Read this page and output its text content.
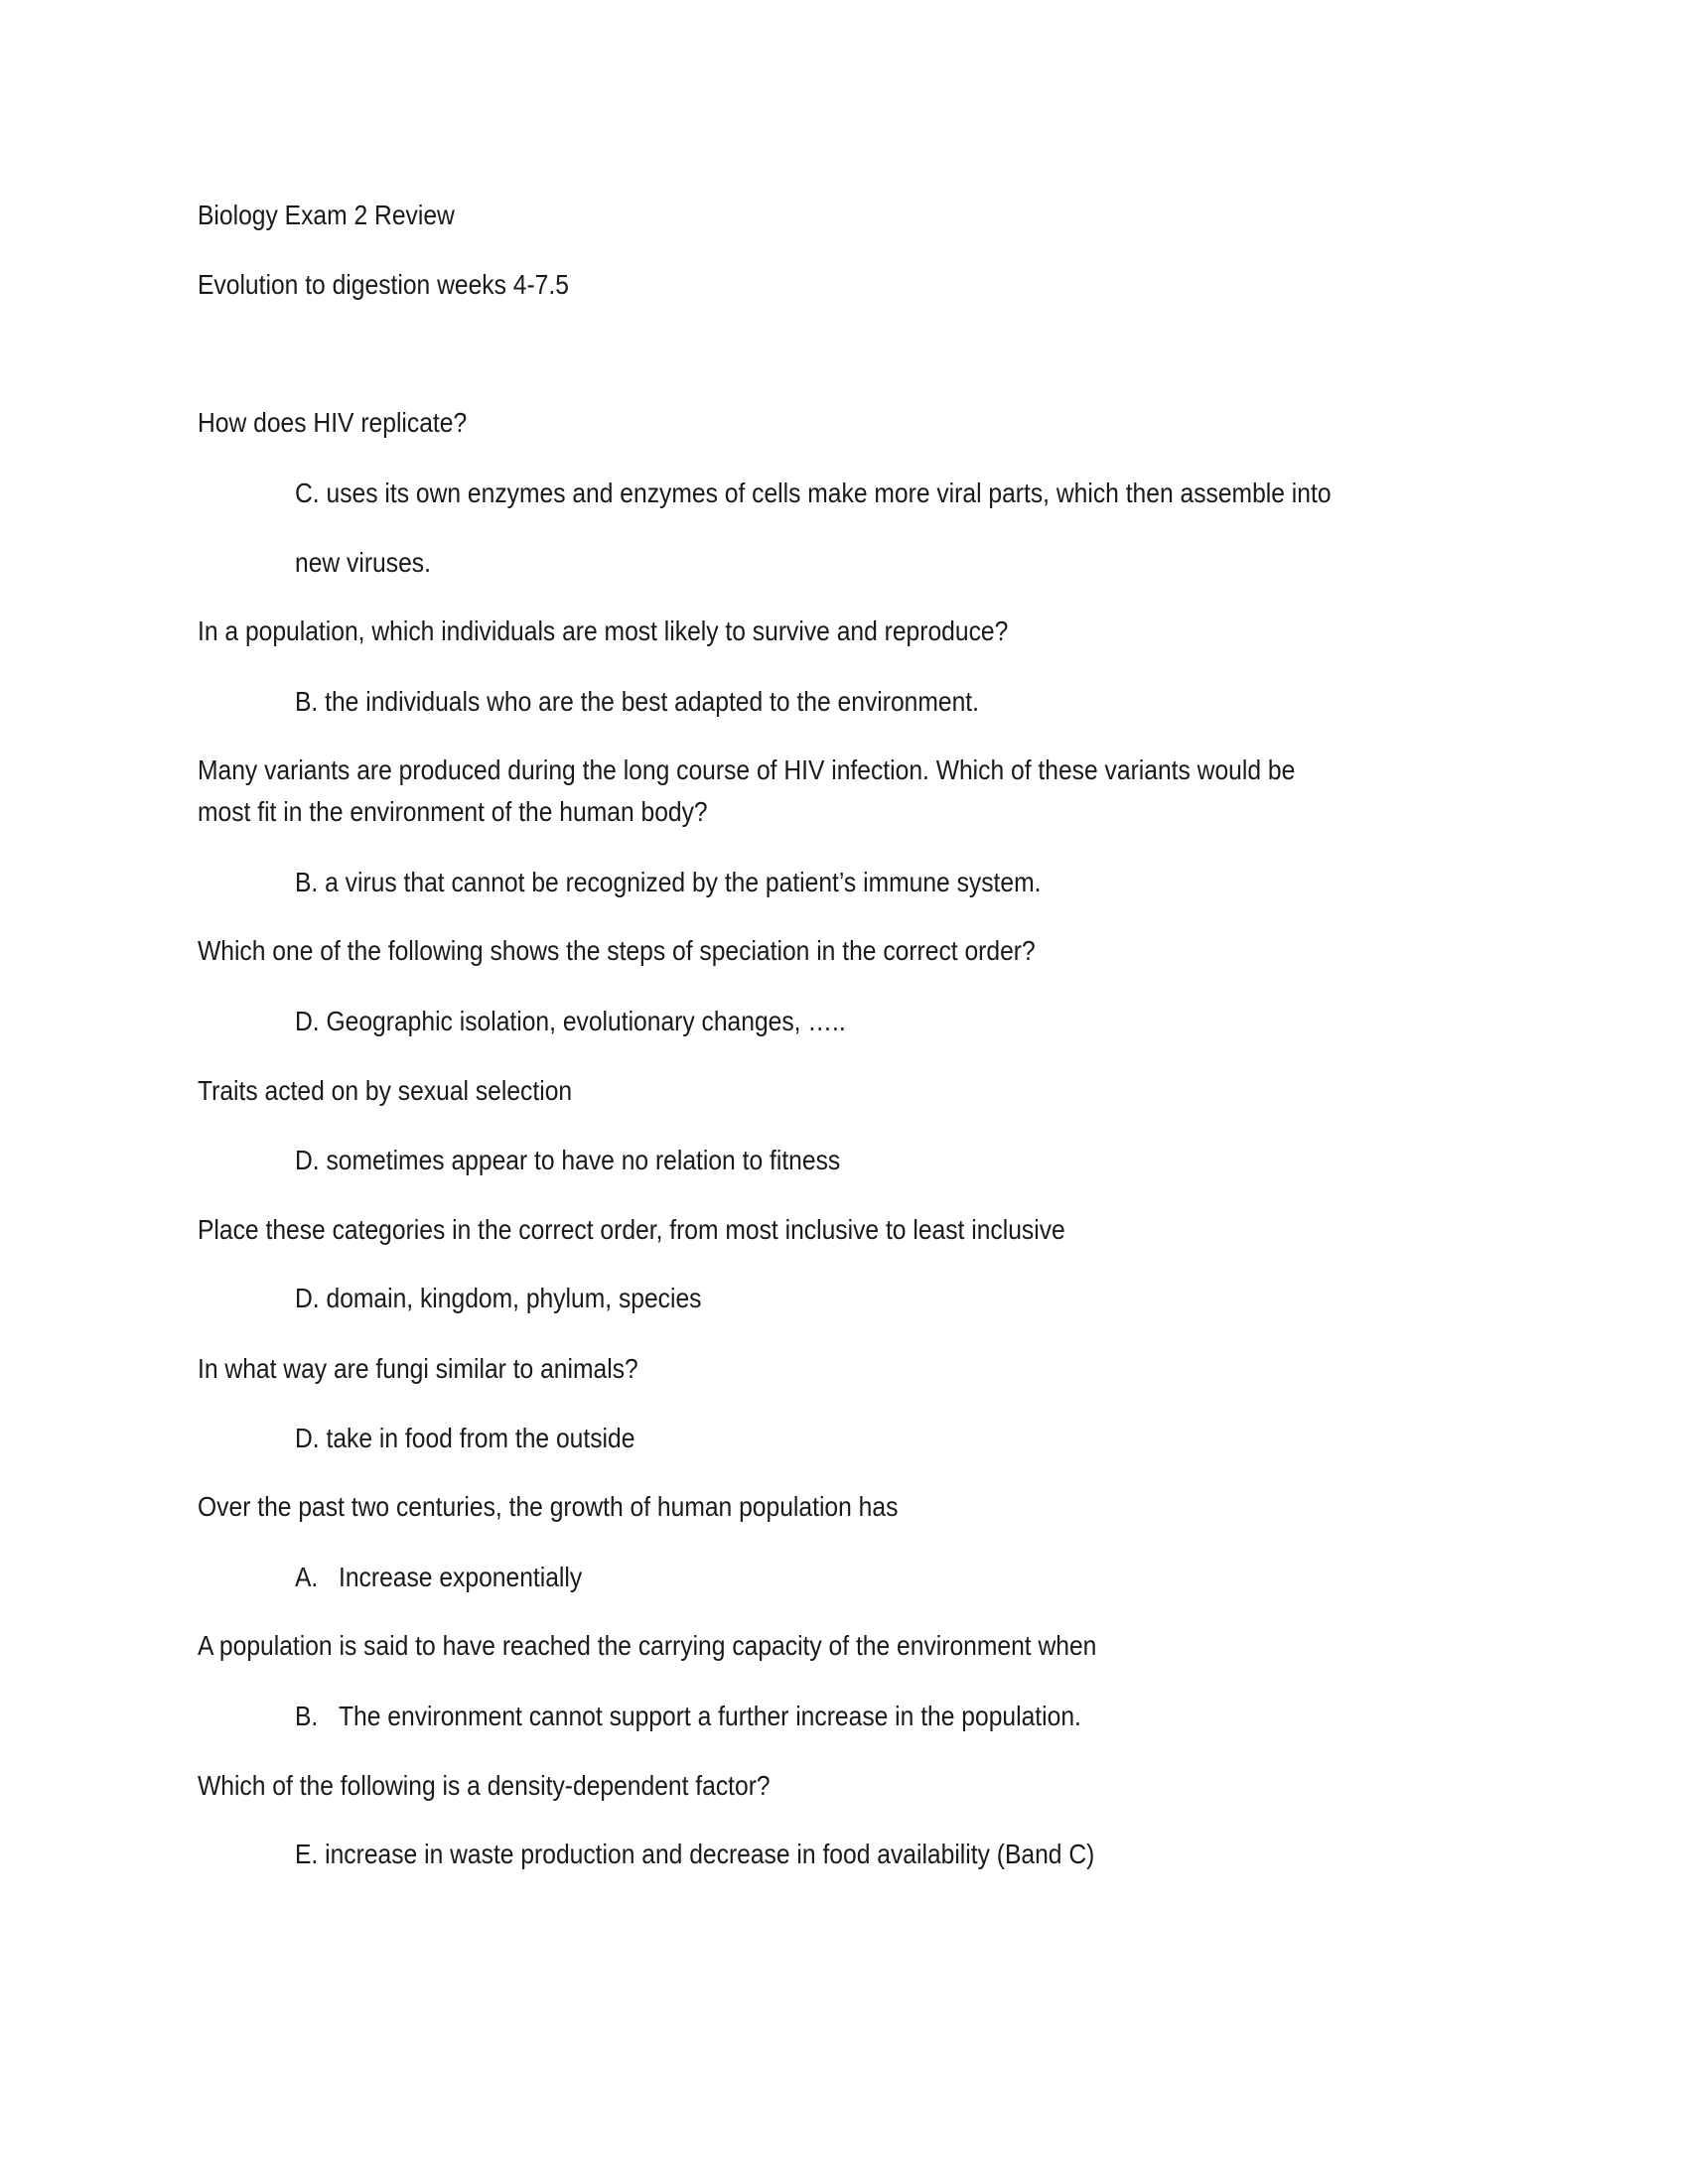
Biology Exam 2 Review
Evolution to digestion weeks 4-7.5
How does HIV replicate?
C. uses its own enzymes and enzymes of cells make more viral parts, which then assemble into
new viruses.
In a population, which individuals are most likely to survive and reproduce?
B. the individuals who are the best adapted to the environment.
Many variants are produced during the long course of HIV infection. Which of these variants would be
most fit in the environment of the human body?
B. a virus that cannot be recognized by the patient’s immune system.
Which one of the following shows the steps of speciation in the correct order?
D. Geographic isolation, evolutionary changes, …..
Traits acted on by sexual selection
D. sometimes appear to have no relation to fitness
Place these categories in the correct order, from most inclusive to least inclusive
D. domain, kingdom, phylum, species
In what way are fungi similar to animals?
D. take in food from the outside
Over the past two centuries, the growth of human population has
A. Increase exponentially
A population is said to have reached the carrying capacity of the environment when
B. The environment cannot support a further increase in the population.
Which of the following is a density-dependent factor?
E. increase in waste production and decrease in food availability (Band C)
